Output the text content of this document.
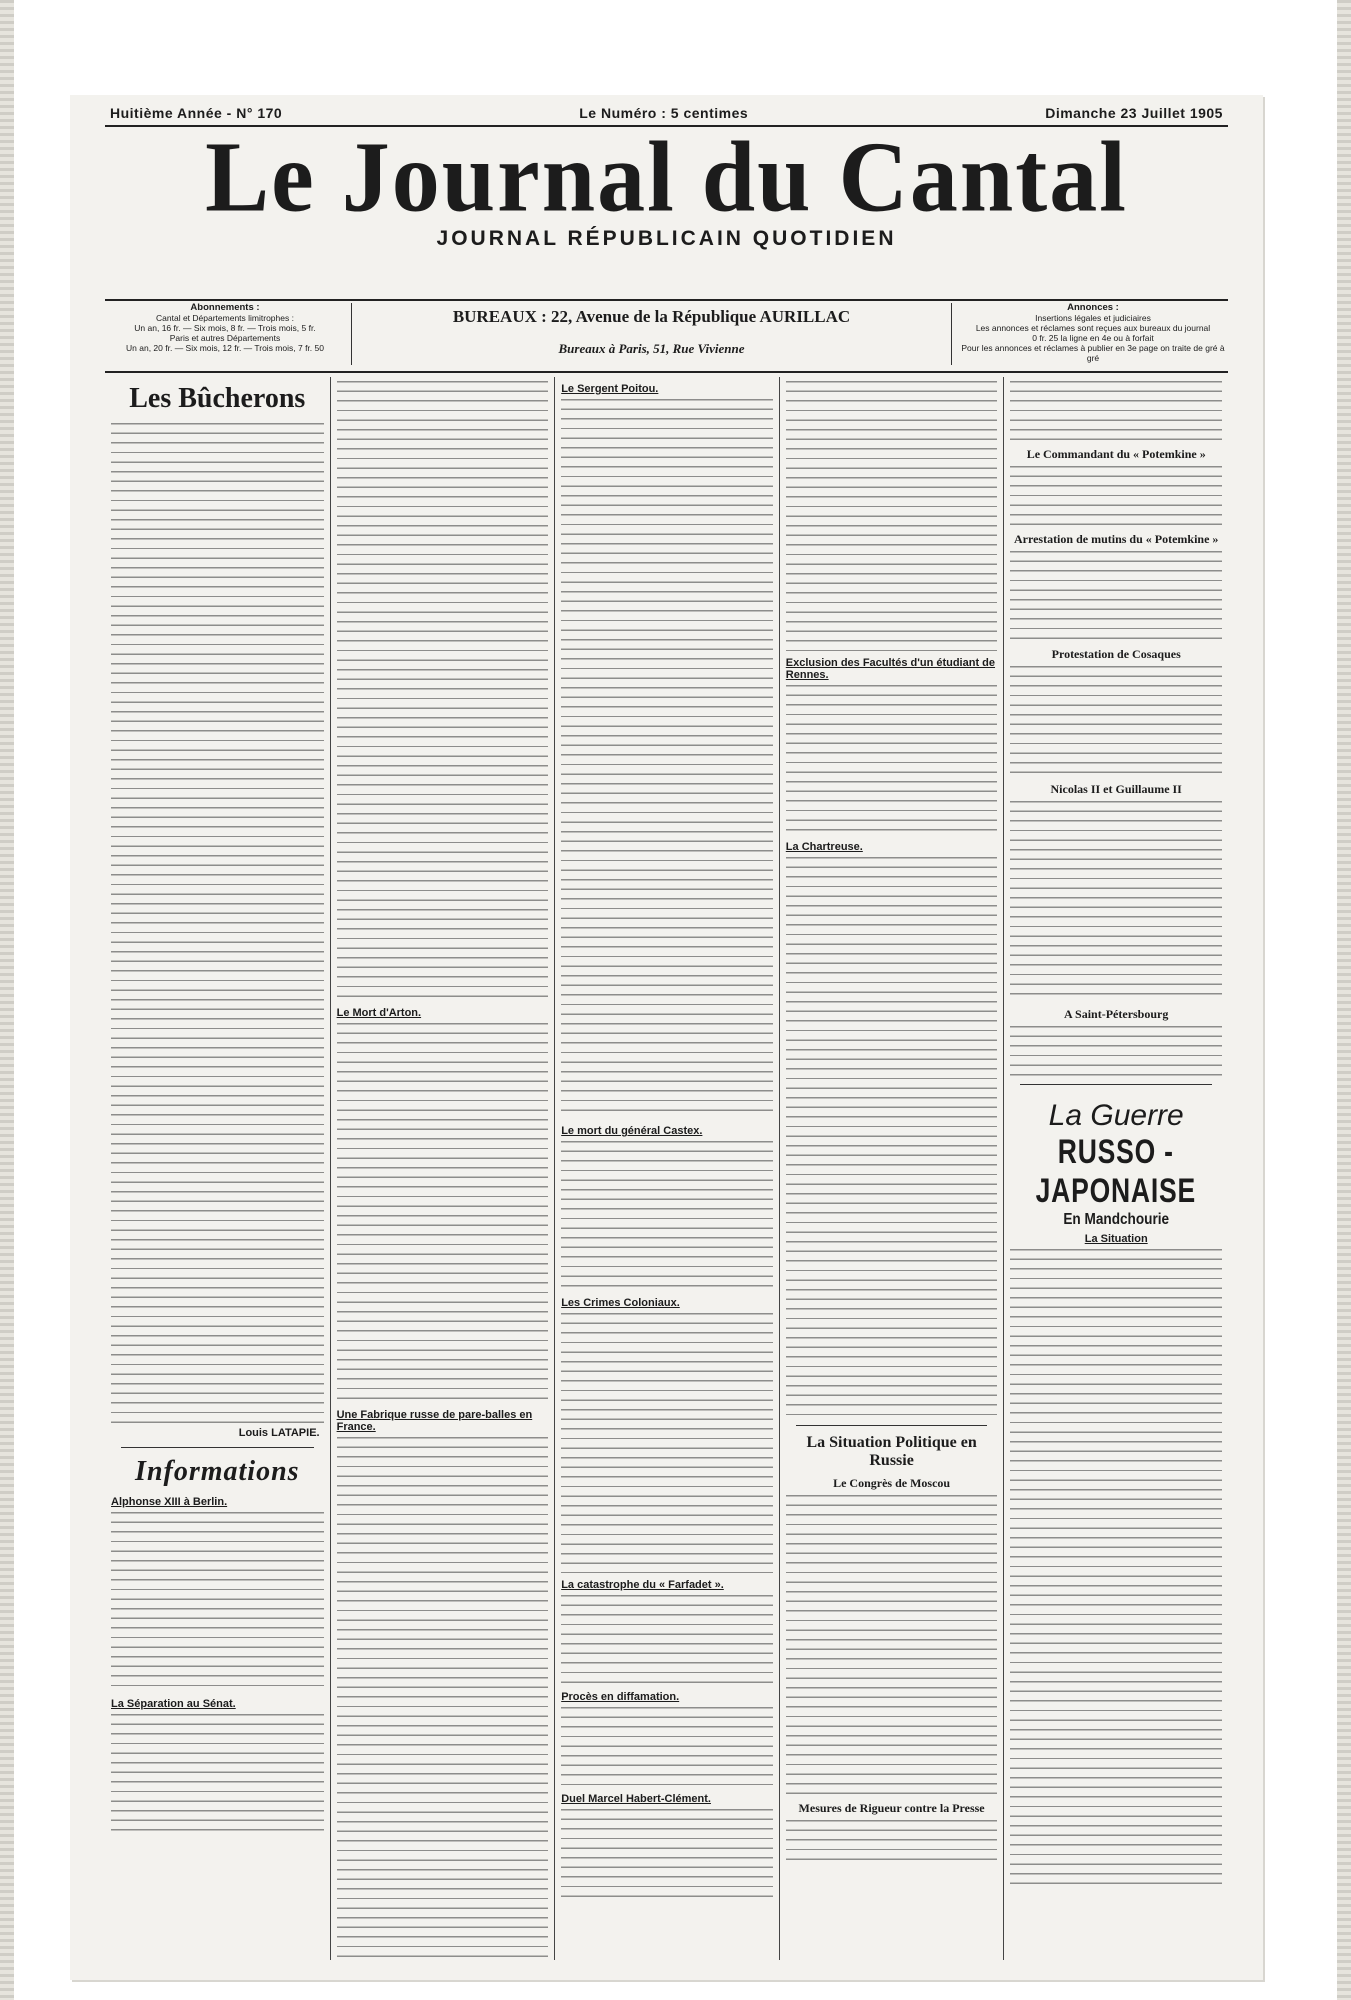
Huitième Année - N° 170	Le Numéro : 5 centimes	Dimanche 23 Juillet 1905
Le Journal du Cantal
JOURNAL RÉPUBLICAIN QUOTIDIEN
Abonnements :
Cantal et Départements limitrophes :
Un an, 16 fr. — Six mois, 8 fr. — Trois mois, 5 fr.
Paris et autres Départements
Un an, 20 fr. — Six mois, 12 fr. — Trois mois, 7 fr. 50
BUREAUX : 22, Avenue de la République AURILLAC
Bureaux à Paris, 51, Rue Vivienne
Annonces :
Insertions légales et judiciaires
Les annonces et réclames sont reçues aux bureaux du journal
0 fr. 25 la ligne en 4e ou à forfait
Pour les annonces et réclames à publier en 3e page on traite de gré à gré
Les Bûcherons
Louis LATAPIE.
Informations
Alphonse XIII à Berlin.
La Séparation au Sénat.
Le Mort d'Arton.
Une Fabrique russe de pare-balles en France.
Le Sergent Poitou.
Le mort du général Castex.
Les Crimes Coloniaux.
La catastrophe du « Farfadet ».
Procès en diffamation.
Duel Marcel Habert-Clément.
Exclusion des Facultés d'un étudiant de Rennes.
La Chartreuse.
La Situation Politique en Russie
Le Congrès de Moscou
Mesures de Rigueur contre la Presse
Le Commandant du « Potemkine »
Arrestation de mutins du « Potemkine »
Protestation de Cosaques
Nicolas II et Guillaume II
A Saint-Pétersbourg
La Guerre
RUSSO - JAPONAISE
En Mandchourie
La Situation
